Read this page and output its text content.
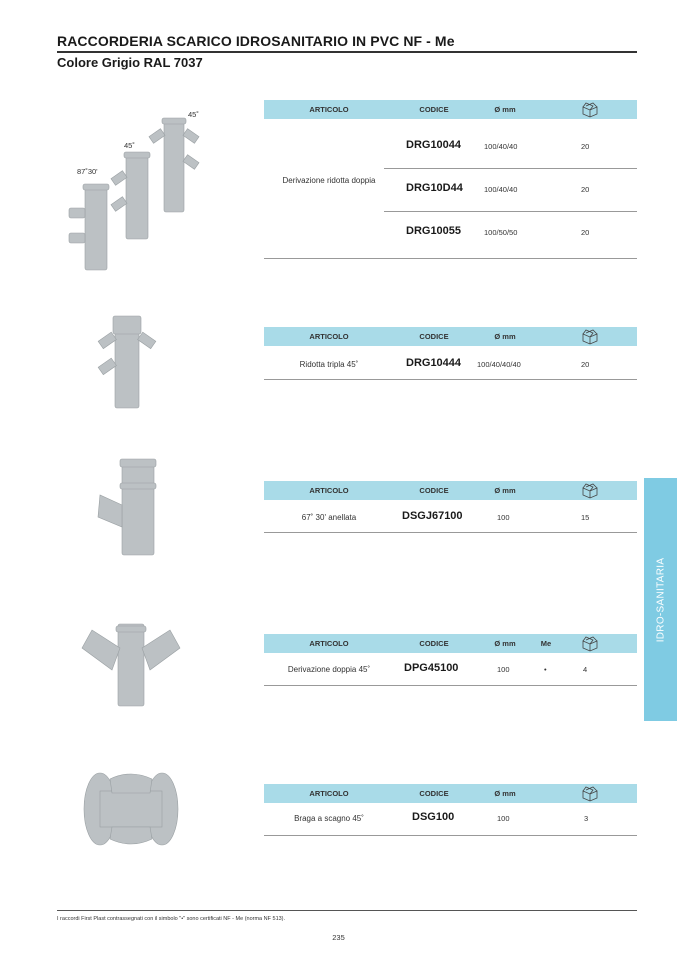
RACCORDERIA SCARICO IDROSANITARIO IN PVC NF - Me
Colore Grigio RAL 7037
45˚
45˚
87˚30'
ARTICOLO	CODICE	Ø mm
Derivazione ridotta doppia
DRG10044	100/40/40	20
DRG10D44	100/40/40	20
DRG10055	100/50/50	20
ARTICOLO	CODICE	Ø mm
Ridotta tripla 45˚	DRG10444 100/40/40/40	20
ARTICOLO	CODICE	Ø mm
67˚ 30' anellata	DSGJ67100	100	15
ARTICOLO	CODICE	Ø mm	Me
Derivazione doppia 45˚	DPG45100	100	•	4
ARTICOLO	CODICE	Ø mm
Braga a scagno 45˚	DSG100	100	3
IDRO-SANITARIA
I raccordi First Plast contrassegnati con il simbolo "•" sono certificati NF - Me (norma NF 513).
235
